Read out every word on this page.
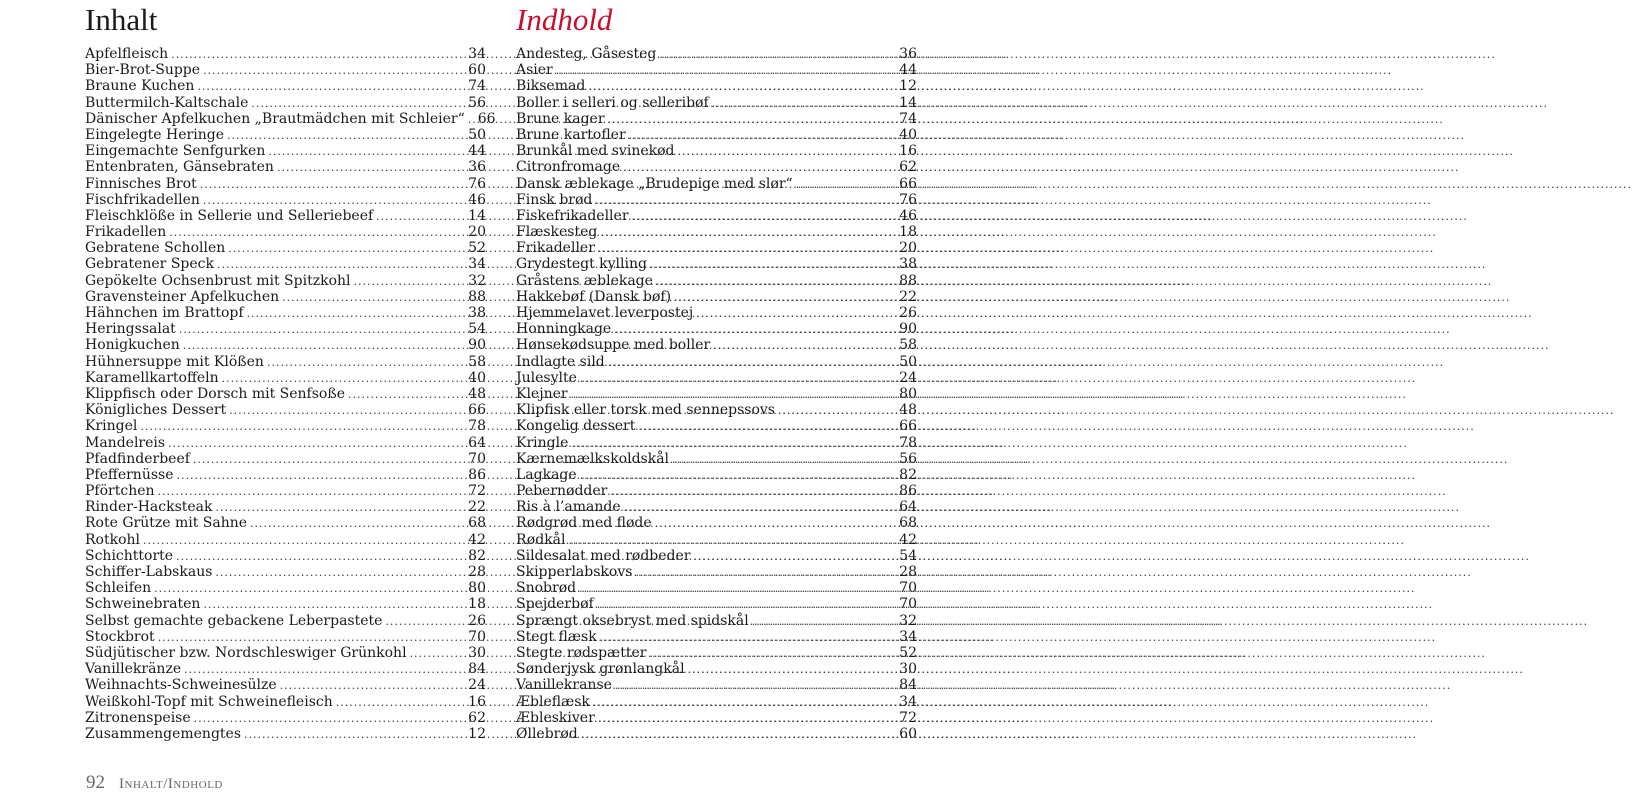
Inhalt
Apfelfleisch .....	34
Bier-Brot-Suppe .....	60
Braune Kuchen .....	74
Buttermilch-Kaltschale .....	56
Dänischer Apfelkuchen „Brautmädchen mit Schleier“ ..... 66
Eingelegte Heringe .....	50
Eingemachte Senfgurken .....	44
Entenbraten, Gänsebraten .....	36
Finnisches Brot .....	76
Fischfrikadellen .....	46
Fleischklöße in Sellerie und Selleriebeef .....	14
Frikadellen .....	20
Gebratene Schollen .....	52
Gebratener Speck .....	34
Gepökelte Ochsenbrust mit Spitzkohl .....	32
Gravensteiner Apfelkuchen .....	88
Hähnchen im Brattopf .....	38
Heringssalat .....	54
Honigkuchen .....	90
Hühnersuppe mit Klößen .....	58
Karamellkartoffeln .....	40
Klippfisch oder Dorsch mit Senfsoße .....	48
Königliches Dessert .....	66
Kringel .....	78
Mandelreis .....	64
Pfadfinderbeef .....	70
Pfeffernüsse .....	86
Pförtchen .....	72
Rinder-Hacksteak .....	22
Rote Grütze mit Sahne .....	68
Rotkohl .....	42
Schichttorte .....	82
Schiffer-Labskaus .....	28
Schleifen .....	80
Schweinebraten .....	18
Selbst gemachte gebackene Leberpastete .....	26
Stockbrot .....	70
Südjütischer bzw. Nordschleswiger Grünkohl .....	30
Vanillekränze .....	84
Weihnachts-Schweinesülze .....	24
Weißkohl-Topf mit Schweinefleisch .....	16
Zitronenspeise .....	62
Zusammengemengtes .....	12
Indhold
Andesteg, Gåsesteg .....	36
Asier .....	44
Biksemad .....	12
Boller i selleri og selleribøf .....	14
Brune kager .....	74
Brune kartofler .....	40
Brunkål med svinekød .....	16
Citronfromage .....	62
Dansk æblekage „Brudepige med slør“ .....	66
Finsk brød .....	76
Fiskefrikadeller .....	46
Flæskesteg .....	18
Frikadeller .....	20
Grydestegt kylling .....	38
Gråstens æblekage .....	88
Hakkebøf (Dansk bøf) .....	22
Hjemmelavet leverpostej .....	26
Honningkage .....	90
Hønsekødsuppe med boller .....	58
Indlagte sild .....	50
Julesylte .....	24
Klejner .....	80
Klipfisk eller torsk med sennepssovs .....	48
Kongelig dessert .....	66
Kringle .....	78
Kærnemælkskoldskål .....	56
Lagkage .....	82
Pebernødder .....	86
Ris à l’amande .....	64
Rødgrød med fløde .....	68
Rødkål .....	42
Sildesalat med rødbeder .....	54
Skipperlabskovs .....	28
Snobrød .....	70
Spejderbøf .....	70
Sprængt oksebryst med spidskål .....	32
Stegt flæsk .....	34
Stegte rødspætter .....	52
Sønderjysk grønlangkål .....	30
Vanillekranse .....	84
Æbleflæsk .....	34
Æbleskiver .....	72
Øllebrød .....	60
92 Inhalt/Indhold
